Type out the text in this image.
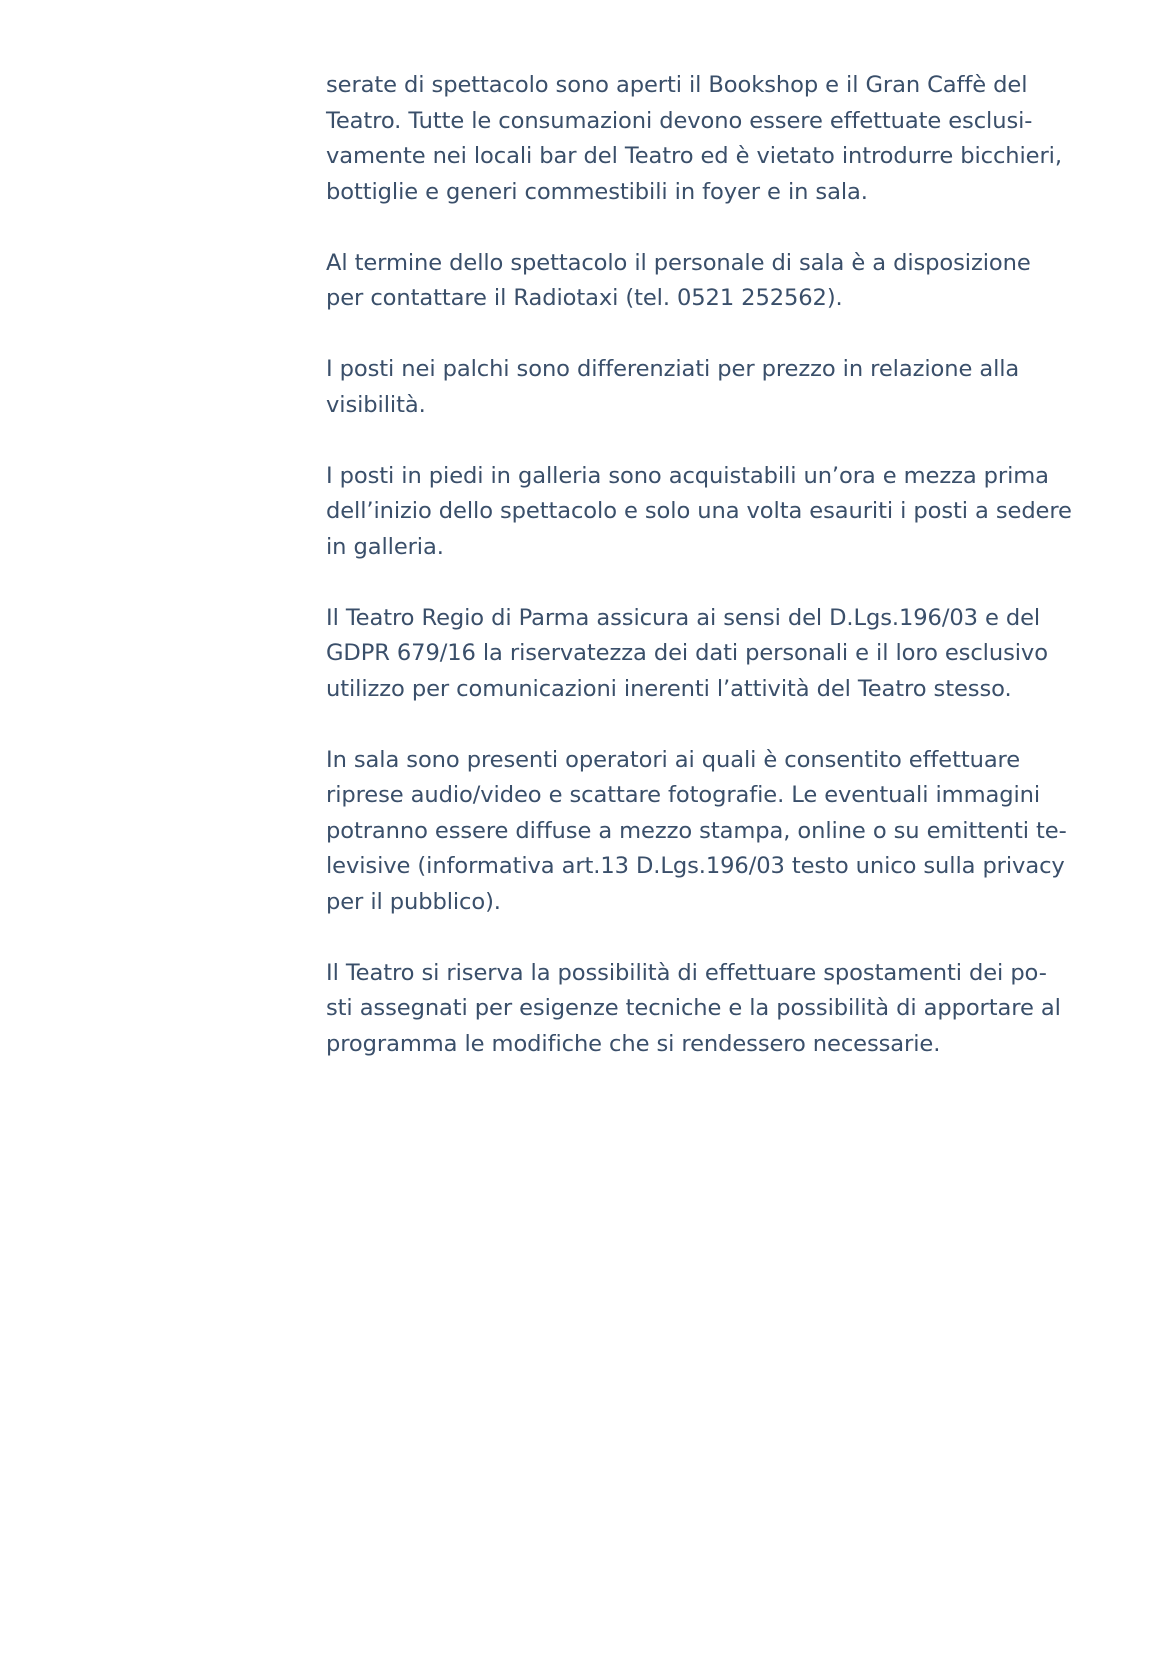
serate di spettacolo sono aperti il Bookshop e il Gran Caffè del
Teatro. Tutte le consumazioni devono essere effettuate esclusi-
vamente nei locali bar del Teatro ed è vietato introdurre bicchieri,
bottiglie e generi commestibili in foyer e in sala.

Al termine dello spettacolo il personale di sala è a disposizione
per contattare il Radiotaxi (tel. 0521 252562).

I posti nei palchi sono differenziati per prezzo in relazione alla
visibilità.

I posti in piedi in galleria sono acquistabili un’ora e mezza prima
dell’inizio dello spettacolo e solo una volta esauriti i posti a sedere
in galleria.

Il Teatro Regio di Parma assicura ai sensi del D.Lgs.196/03 e del
GDPR 679/16 la riservatezza dei dati personali e il loro esclusivo
utilizzo per comunicazioni inerenti l’attività del Teatro stesso.

In sala sono presenti operatori ai quali è consentito effettuare
riprese audio/video e scattare fotografie. Le eventuali immagini
potranno essere diffuse a mezzo stampa, online o su emittenti te-
levisive (informativa art.13 D.Lgs.196/03 testo unico sulla privacy
per il pubblico).

Il Teatro si riserva la possibilità di effettuare spostamenti dei po-
sti assegnati per esigenze tecniche e la possibilità di apportare al
programma le modifiche che si rendessero necessarie.
